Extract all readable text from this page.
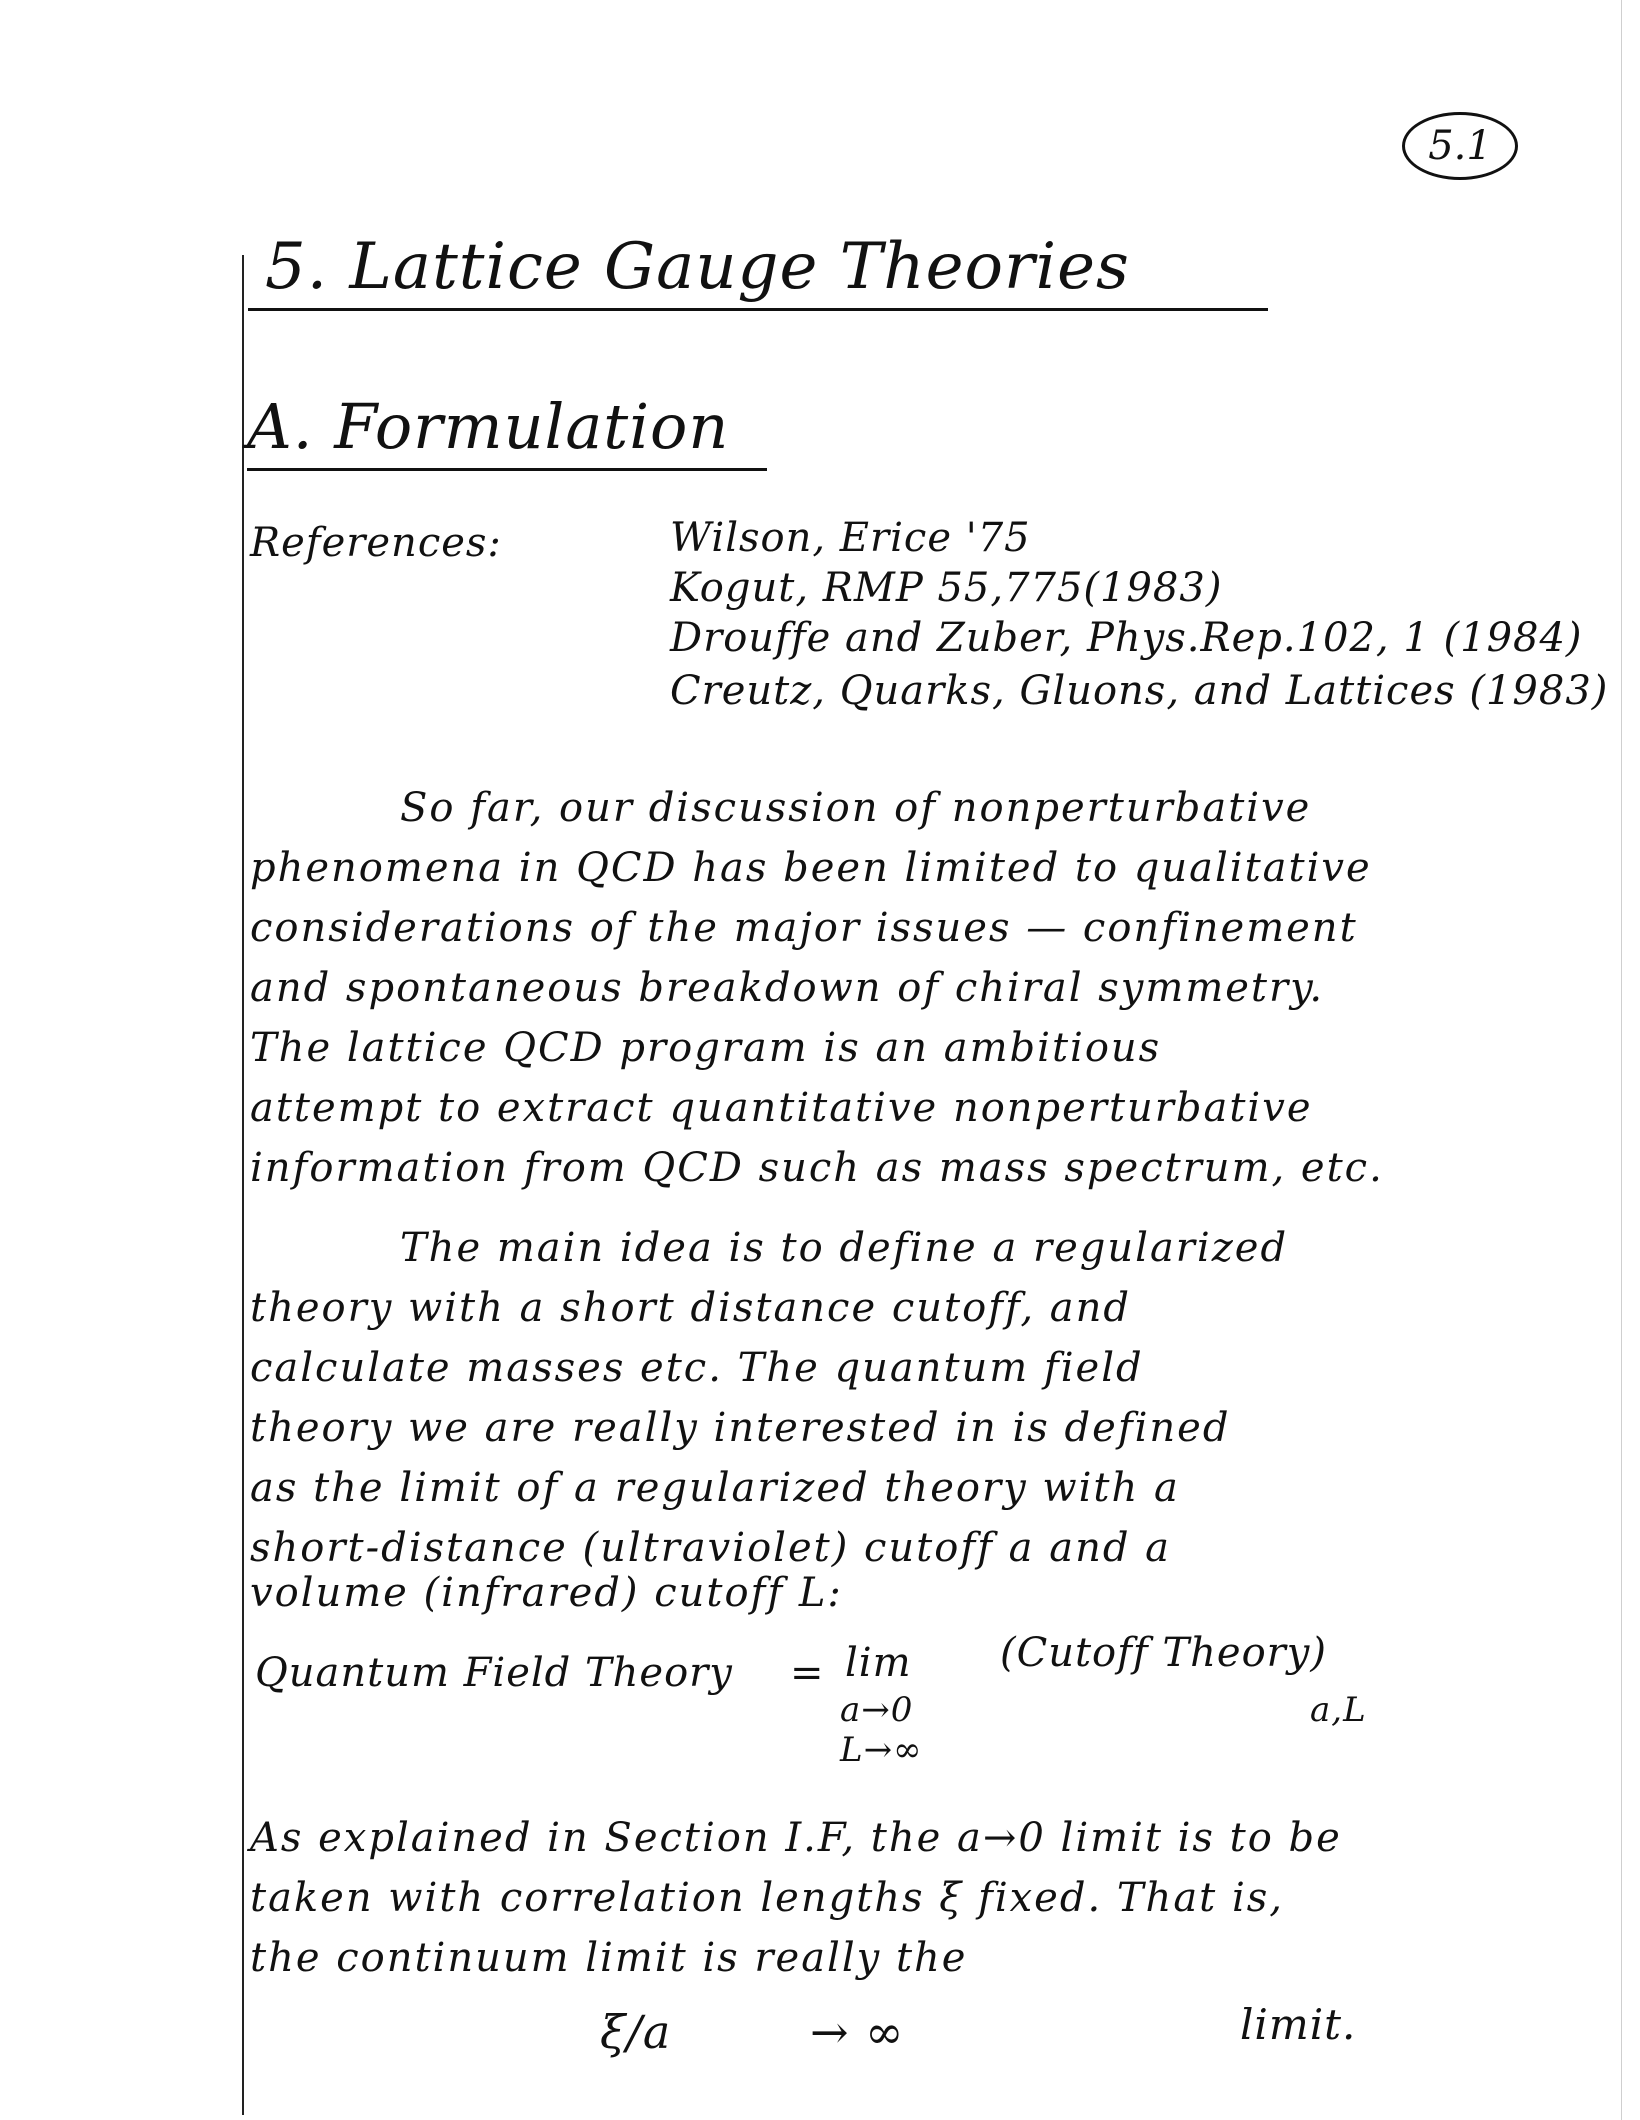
5.1
5. Lattice Gauge Theories
A. Formulation
References:	Wilson, Erice '75
Kogut, RMP 55,775(1983)
Drouffe and Zuber, Phys.Rep.102, 1 (1984)
Creutz, Quarks, Gluons, and Lattices (1983)
So far, our discussion of nonperturbative
phenomena in QCD has been limited to qualitative
considerations of the major issues — confinement
and spontaneous breakdown of chiral symmetry.
The lattice QCD program is an ambitious
attempt to extract quantitative nonperturbative
information from QCD such as mass spectrum, etc.
The main idea is to define a regularized
theory with a short distance cutoff, and
calculate masses etc. The quantum field
theory we are really interested in is defined
as the limit of a regularized theory with a
short-distance (ultraviolet) cutoff a and a
volume (infrared) cutoff L:
Quantum Field Theory = lim (Cutoff Theory)
a→0
L→∞
a,L
As explained in Section I.F, the a→0 limit is to be
taken with correlation lengths ξ fixed. That is,
the continuum limit is really the
ξ/a	→ ∞	limit.
